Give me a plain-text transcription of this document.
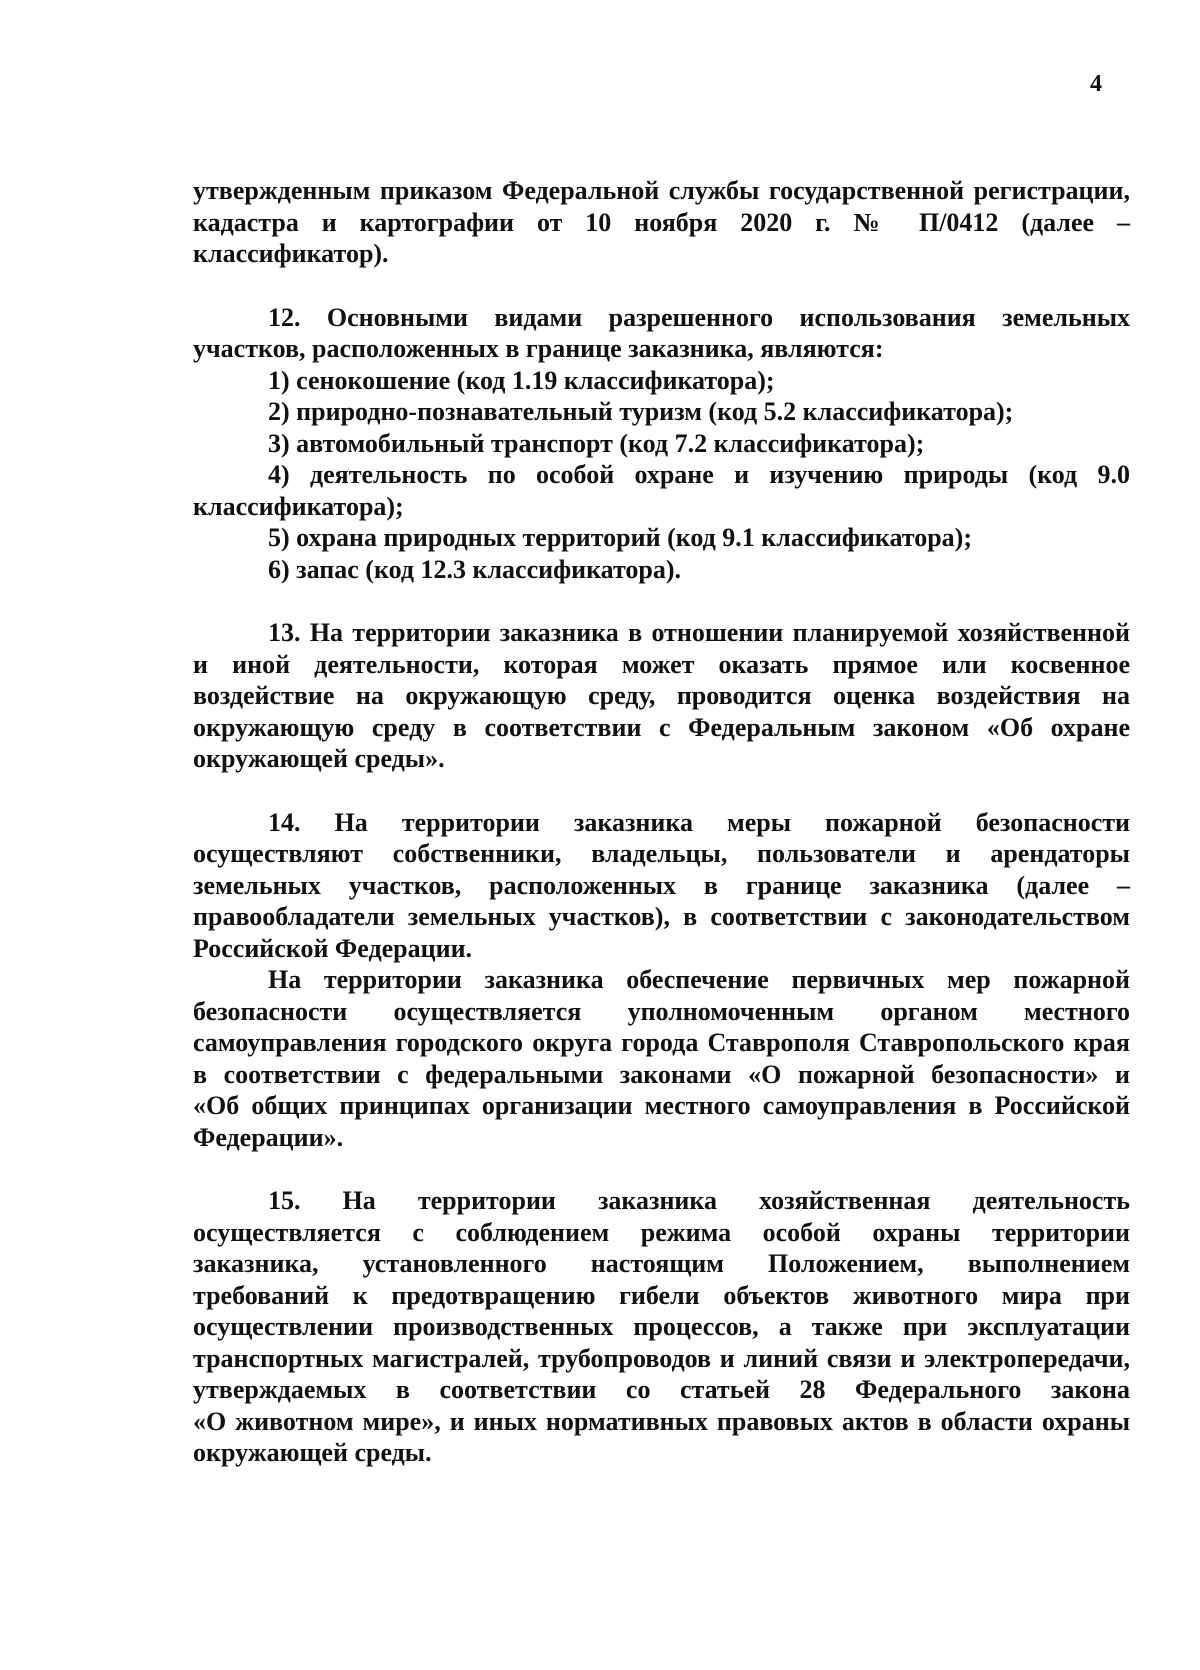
4
утвержденным приказом Федеральной службы государственной регистрации,
кадастра и картографии от 10 ноября 2020 г. № П/0412 (далее –
классификатор).
12. Основными видами разрешенного использования земельных
участков, расположенных в границе заказника, являются:
1) сенокошение (код 1.19 классификатора);
2) природно-познавательный туризм (код 5.2 классификатора);
3) автомобильный транспорт (код 7.2 классификатора);
4) деятельность по особой охране и изучению природы (код 9.0
классификатора);
5) охрана природных территорий (код 9.1 классификатора);
6) запас (код 12.3 классификатора).
13. На территории заказника в отношении планируемой хозяйственной
и иной деятельности, которая может оказать прямое или косвенное
воздействие на окружающую среду, проводится оценка воздействия на
окружающую среду в соответствии с Федеральным законом «Об охране
окружающей среды».
14. На территории заказника меры пожарной безопасности
осуществляют собственники, владельцы, пользователи и арендаторы
земельных участков, расположенных в границе заказника (далее –
правообладатели земельных участков), в соответствии с законодательством
Российской Федерации.
На территории заказника обеспечение первичных мер пожарной
безопасности осуществляется уполномоченным органом местного
самоуправления городского округа города Ставрополя Ставропольского края
в соответствии с федеральными законами «О пожарной безопасности» и
«Об общих принципах организации местного самоуправления в Российской
Федерации».
15. На территории заказника хозяйственная деятельность
осуществляется с соблюдением режима особой охраны территории
заказника, установленного настоящим Положением, выполнением
требований к предотвращению гибели объектов животного мира при
осуществлении производственных процессов, а также при эксплуатации
транспортных магистралей, трубопроводов и линий связи и электропередачи,
утверждаемых в соответствии со статьей 28 Федерального закона
«О животном мире», и иных нормативных правовых актов в области охраны
окружающей среды.
